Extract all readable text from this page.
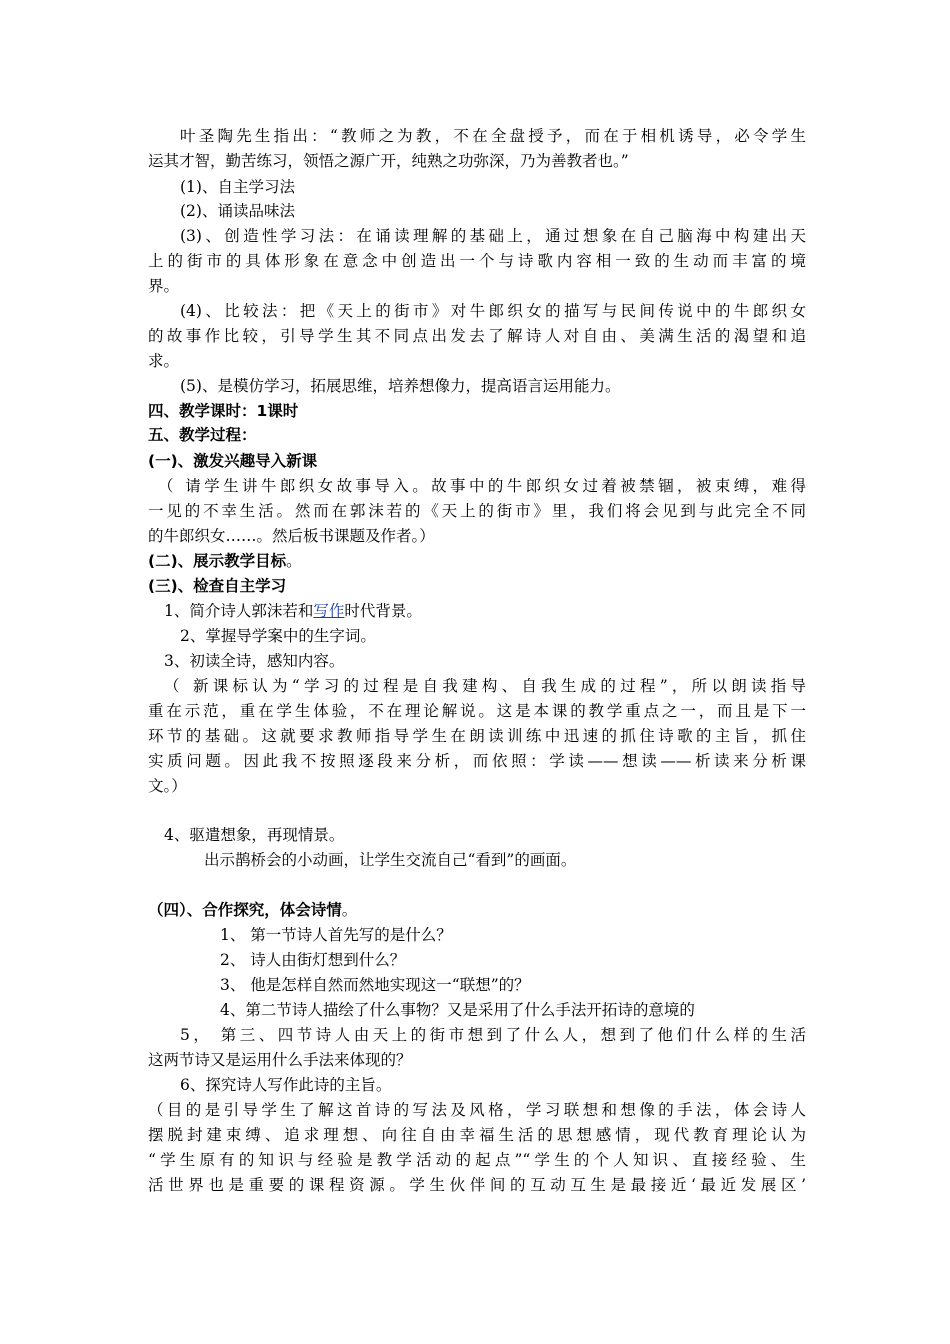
叶圣陶先生指出：“教师之为教，不在全盘授予，而在于相机诱导，必令学生
运其才智，勤苦练习，领悟之源广开，纯熟之功弥深，乃为善教者也。”
(1)、自主学习法
(2)、诵读品味法
(3)、创造性学习法：在诵读理解的基础上，通过想象在自己脑海中构建出天
上的街市的具体形象在意念中创造出一个与诗歌内容相一致的生动而丰富的境
界。
(4)、比较法：把《天上的街市》对牛郎织女的描写与民间传说中的牛郎织女
的故事作比较，引导学生其不同点出发去了解诗人对自由、美满生活的渴望和追
求。
(5)、是模仿学习，拓展思维，培养想像力，提高语言运用能力。
四、教学课时：1课时
五、教学过程：
(一)、激发兴趣导入新课
（ 请学生讲牛郎织女故事导入。故事中的牛郎织女过着被禁锢，被束缚，难得
一见的不幸生活。然而在郭沫若的《天上的街市》里，我们将会见到与此完全不同
的牛郎织女……。然后板书课题及作者。）
(二)、展示教学目标。
(三)、检查自主学习
1、简介诗人郭沫若和写作时代背景。
2、掌握导学案中的生字词。
3、初读全诗，感知内容。
（ 新课标认为“学习的过程是自我建构、自我生成的过程”，所以朗读指导
重在示范，重在学生体验，不在理论解说。这是本课的教学重点之一，而且是下一
环节的基础。这就要求教师指导学生在朗读训练中迅速的抓住诗歌的主旨，抓住
实质问题。因此我不按照逐段来分析，而依照：学读——想读——析读来分析课
文。）
4、驱遣想象，再现情景。
出示鹊桥会的小动画，让学生交流自己“看到”的画面。
（四）、合作探究，体会诗情。
1、 第一节诗人首先写的是什么？
2、 诗人由街灯想到什么？
3、 他是怎样自然而然地实现这一“联想”的？
4、第二节诗人描绘了什么事物？又是采用了什么手法开拓诗的意境的
5， 第三、四节诗人由天上的街市想到了什么人，想到了他们什么样的生活
这两节诗又是运用什么手法来体现的？
6、探究诗人写作此诗的主旨。
（目的是引导学生了解这首诗的写法及风格，学习联想和想像的手法，体会诗人
摆脱封建束缚、追求理想、向往自由幸福生活的思想感情，现代教育理论认为
“学生原有的知识与经验是教学活动的起点”“学生的个人知识、直接经验、生
活世界也是重要的课程资源。学生伙伴间的互动互生是最接近‘最近发展区’
